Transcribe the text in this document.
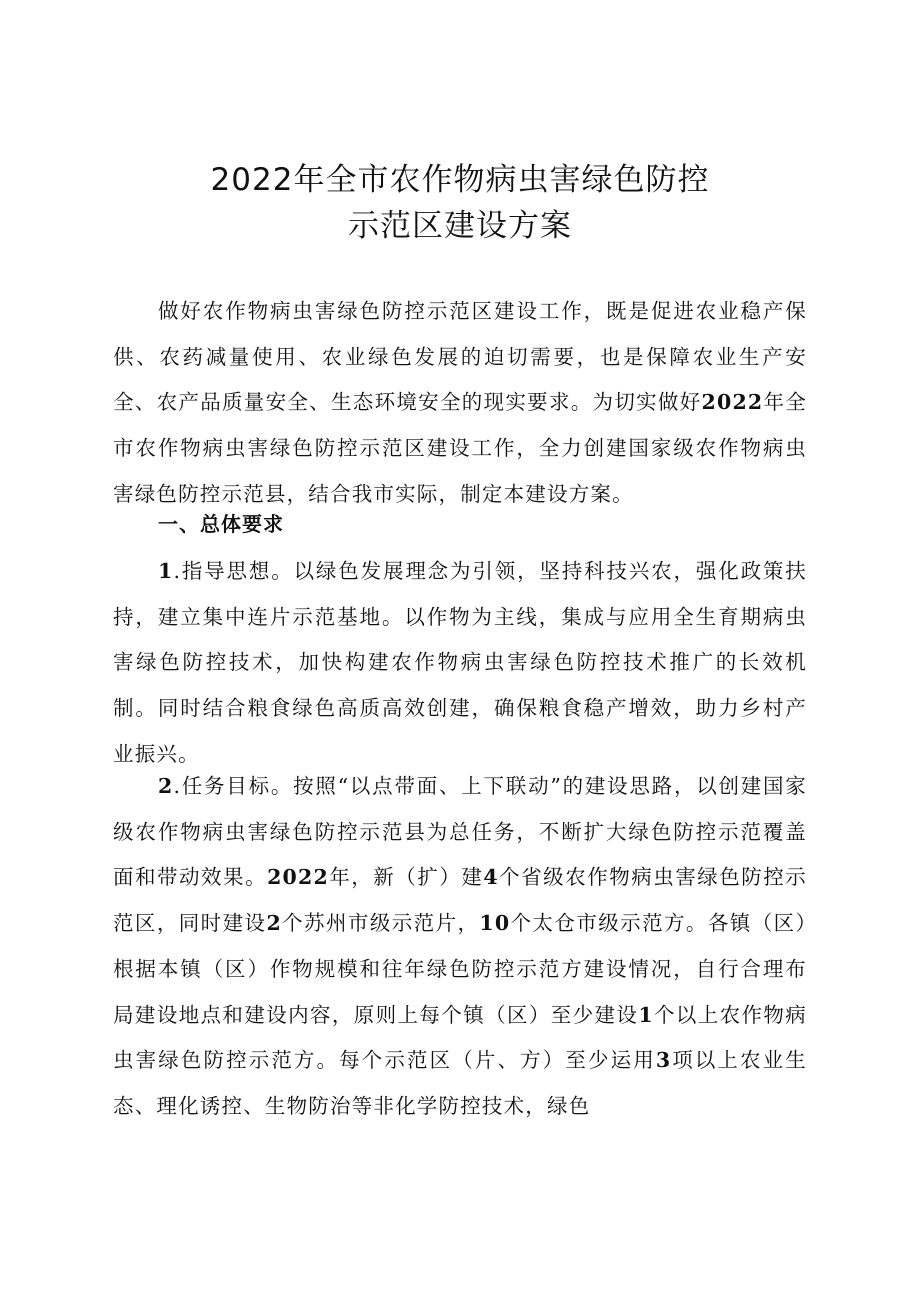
2022年全市农作物病虫害绿色防控
示范区建设方案
做好农作物病虫害绿色防控示范区建设工作，既是促进农业稳产保供、农药减量使用、农业绿色发展的迫切需要，也是保障农业生产安全、农产品质量安全、生态环境安全的现实要求。为切实做好2022年全市农作物病虫害绿色防控示范区建设工作，全力创建国家级农作物病虫害绿色防控示范县，结合我市实际，制定本建设方案。
一、总体要求
1.指导思想。以绿色发展理念为引领，坚持科技兴农，强化政策扶持，建立集中连片示范基地。以作物为主线，集成与应用全生育期病虫害绿色防控技术，加快构建农作物病虫害绿色防控技术推广的长效机制。同时结合粮食绿色高质高效创建，确保粮食稳产增效，助力乡村产业振兴。
2.任务目标。按照“以点带面、上下联动”的建设思路，以创建国家级农作物病虫害绿色防控示范县为总任务，不断扩大绿色防控示范覆盖面和带动效果。2022年，新（扩）建4个省级农作物病虫害绿色防控示范区，同时建设2个苏州市级示范片，10个太仓市级示范方。各镇（区）根据本镇（区）作物规模和往年绿色防控示范方建设情况，自行合理布局建设地点和建设内容，原则上每个镇（区）至少建设1个以上农作物病虫害绿色防控示范方。每个示范区（片、方）至少运用3项以上农业生态、理化诱控、生物防治等非化学防控技术，绿色
